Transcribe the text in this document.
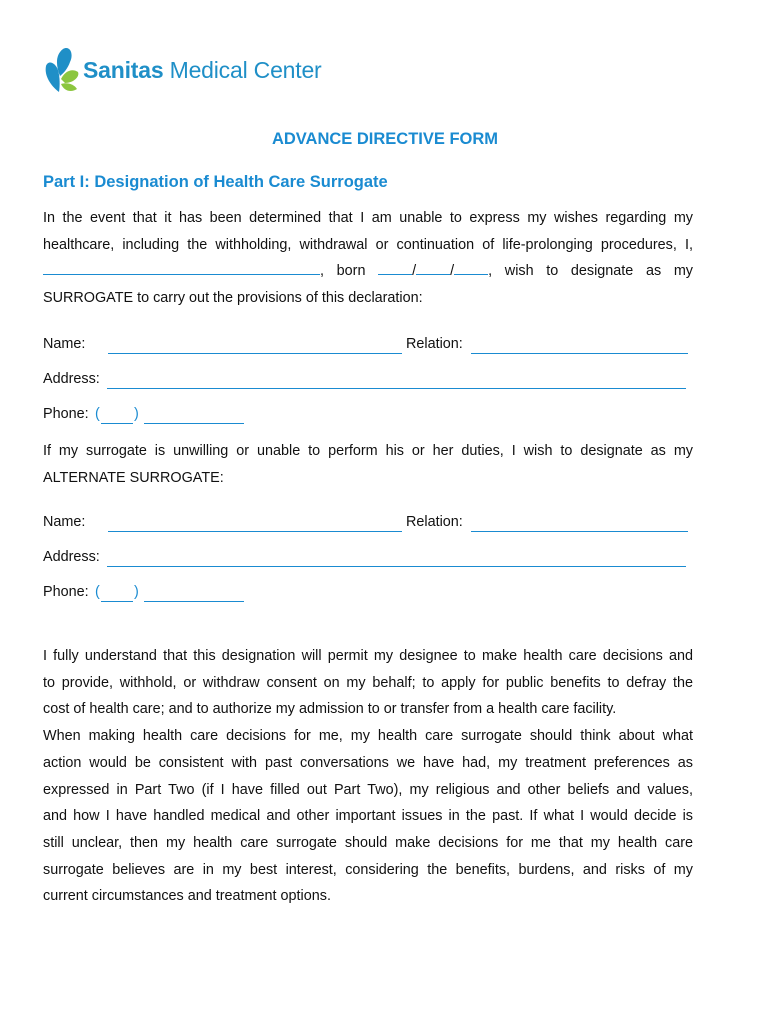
Sanitas Medical Center
ADVANCE DIRECTIVE FORM
Part I: Designation of Health Care Surrogate
In the event that it has been determined that I am unable to express my wishes regarding my
healthcare, including the withholding, withdrawal or continuation of life-prolonging procedures, I,
, born	/ / , wish to designate as my
SURROGATE to carry out the provisions of this declaration:
Name:	Relation:
Address:
Phone: ( )
If my surrogate is unwilling or unable to perform his or her duties, I wish to designate as my
ALTERNATE SURROGATE:
Name:	Relation:
Address:
Phone: ( )
I fully understand that this designation will permit my designee to make health care decisions and
to provide, withhold, or withdraw consent on my behalf; to apply for public benefits to defray the
cost of health care; and to authorize my admission to or transfer from a health care facility.
When making health care decisions for me, my health care surrogate should think about what
action would be consistent with past conversations we have had, my treatment preferences as
expressed in Part Two (if I have filled out Part Two), my religious and other beliefs and values,
and how I have handled medical and other important issues in the past. If what I would decide is
still unclear, then my health care surrogate should make decisions for me that my health care
surrogate believes are in my best interest, considering the benefits, burdens, and risks of my
current circumstances and treatment options.
